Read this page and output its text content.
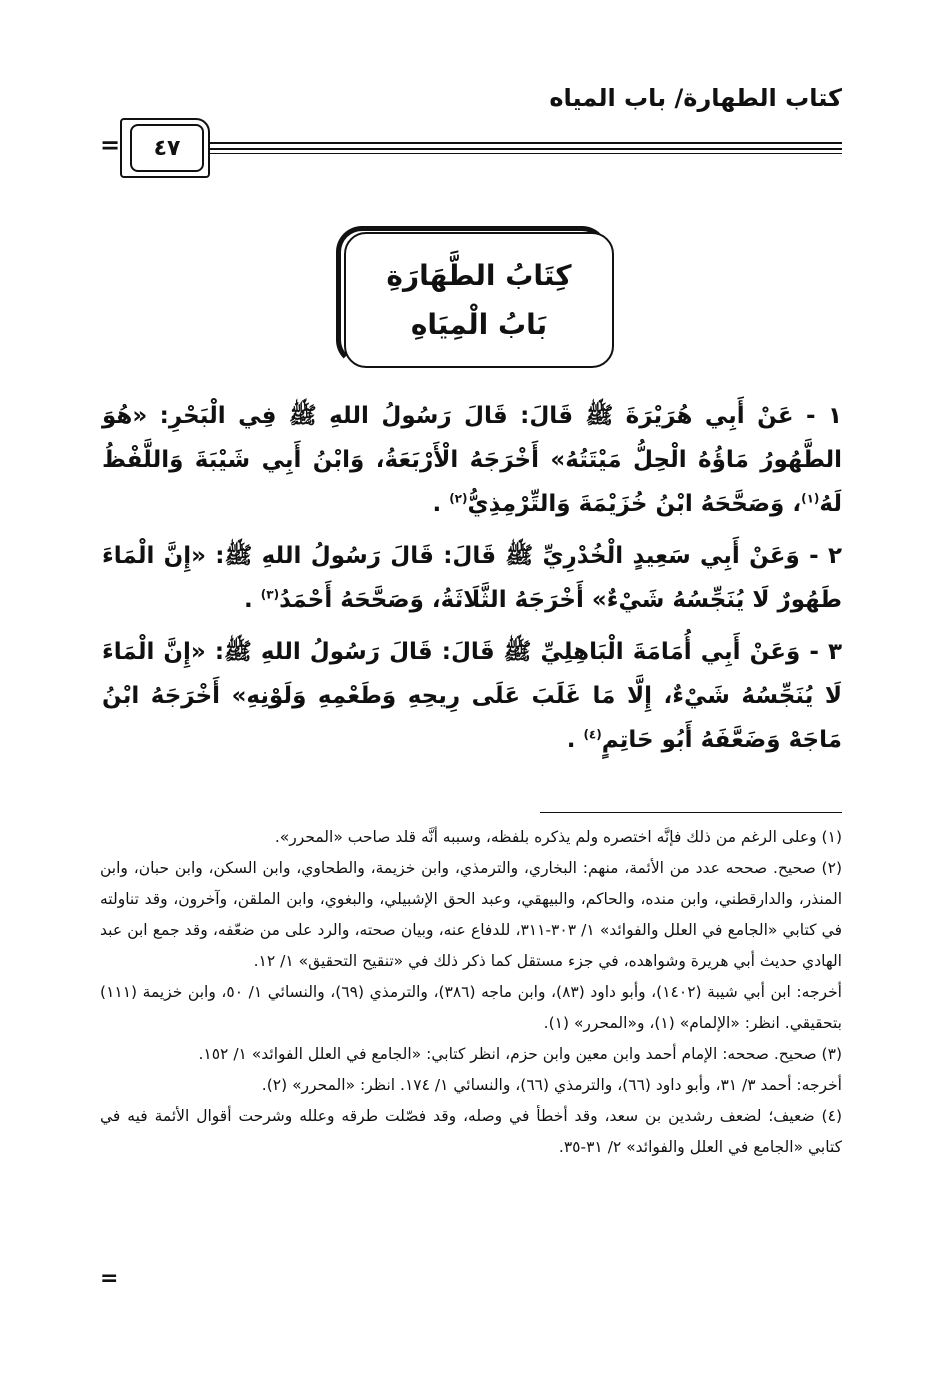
كتاب الطهارة/ باب المياه
=	٤٧
كِتَابُ الطَّهَارَةِ
بَابُ الْمِيَاهِ

١ - عَنْ أَبِي هُرَيْرَةَ ﷺ قَالَ: قَالَ رَسُولُ اللهِ ﷺ فِي الْبَحْرِ: «هُوَ الطَّهُورُ مَاؤُهُ الْحِلُّ مَيْتَتُهُ» أَخْرَجَهُ الْأَرْبَعَةُ، وَابْنُ أَبِي شَيْبَةَ وَاللَّفْظُ لَهُ$^{(١)}$، وَصَحَّحَهُ ابْنُ خُزَيْمَةَ وَالتِّرْمِذِيُّ$^{(٢)}$ .

٢ - وَعَنْ أَبِي سَعِيدٍ الْخُدْرِيِّ ﷺ قَالَ: قَالَ رَسُولُ اللهِ ﷺ: «إِنَّ الْمَاءَ طَهُورٌ لَا يُنَجِّسُهُ شَيْءٌ» أَخْرَجَهُ الثَّلَاثَةُ، وَصَحَّحَهُ أَحْمَدُ$^{(٣)}$ .

٣ - وَعَنْ أَبِي أُمَامَةَ الْبَاهِلِيِّ ﷺ قَالَ: قَالَ رَسُولُ اللهِ ﷺ: «إِنَّ الْمَاءَ لَا يُنَجِّسُهُ شَيْءٌ، إِلَّا مَا غَلَبَ عَلَى رِيحِهِ وَطَعْمِهِ وَلَوْنِهِ» أَخْرَجَهُ ابْنُ مَاجَهْ وَضَعَّفَهُ أَبُو حَاتِمٍ$^{(٤)}$ .

(١) وعلى الرغم من ذلك فإنَّه اختصره ولم يذكره بلفظه، وسببه أنَّه قلد صاحب «المحرر».

(٢) صحيح. صححه عدد من الأئمة، منهم: البخاري، والترمذي، وابن خزيمة، والطحاوي، وابن السكن، وابن حبان، وابن المنذر، والدارقطني، وابن منده، والحاكم، والبيهقي، وعبد الحق الإشبيلي، والبغوي، وابن الملقن، وآخرون، وقد تناولته في كتابي «الجامع في العلل والفوائد» ١/ ٣٠٣-٣١١، للدفاع عنه، وبيان صحته، والرد على من ضعّفه، وقد جمع ابن عبد الهادي حديث أبي هريرة وشواهده، في جزء مستقل كما ذكر ذلك في «تنقيح التحقيق» ١/ ١٢.

أخرجه: ابن أبي شيبة (١٤٠٢)، وأبو داود (٨٣)، وابن ماجه (٣٨٦)، والترمذي (٦٩)، والنسائي ١/ ٥٠، وابن خزيمة (١١١) بتحقيقي. انظر: «الإلمام» (١)، و«المحرر» (١).

(٣) صحيح. صححه: الإمام أحمد وابن معين وابن حزم، انظر كتابي: «الجامع في العلل الفوائد» ١/ ١٥٢.

أخرجه: أحمد ٣/ ٣١، وأبو داود (٦٦)، والترمذي (٦٦)، والنسائي ١/ ١٧٤. انظر: «المحرر» (٢).

(٤) ضعيف؛ لضعف رشدين بن سعد، وقد أخطأ في وصله، وقد فصّلت طرقه وعلله وشرحت أقوال الأئمة فيه في كتابي «الجامع في العلل والفوائد» ٢/ ٣١-٣٥.

=
